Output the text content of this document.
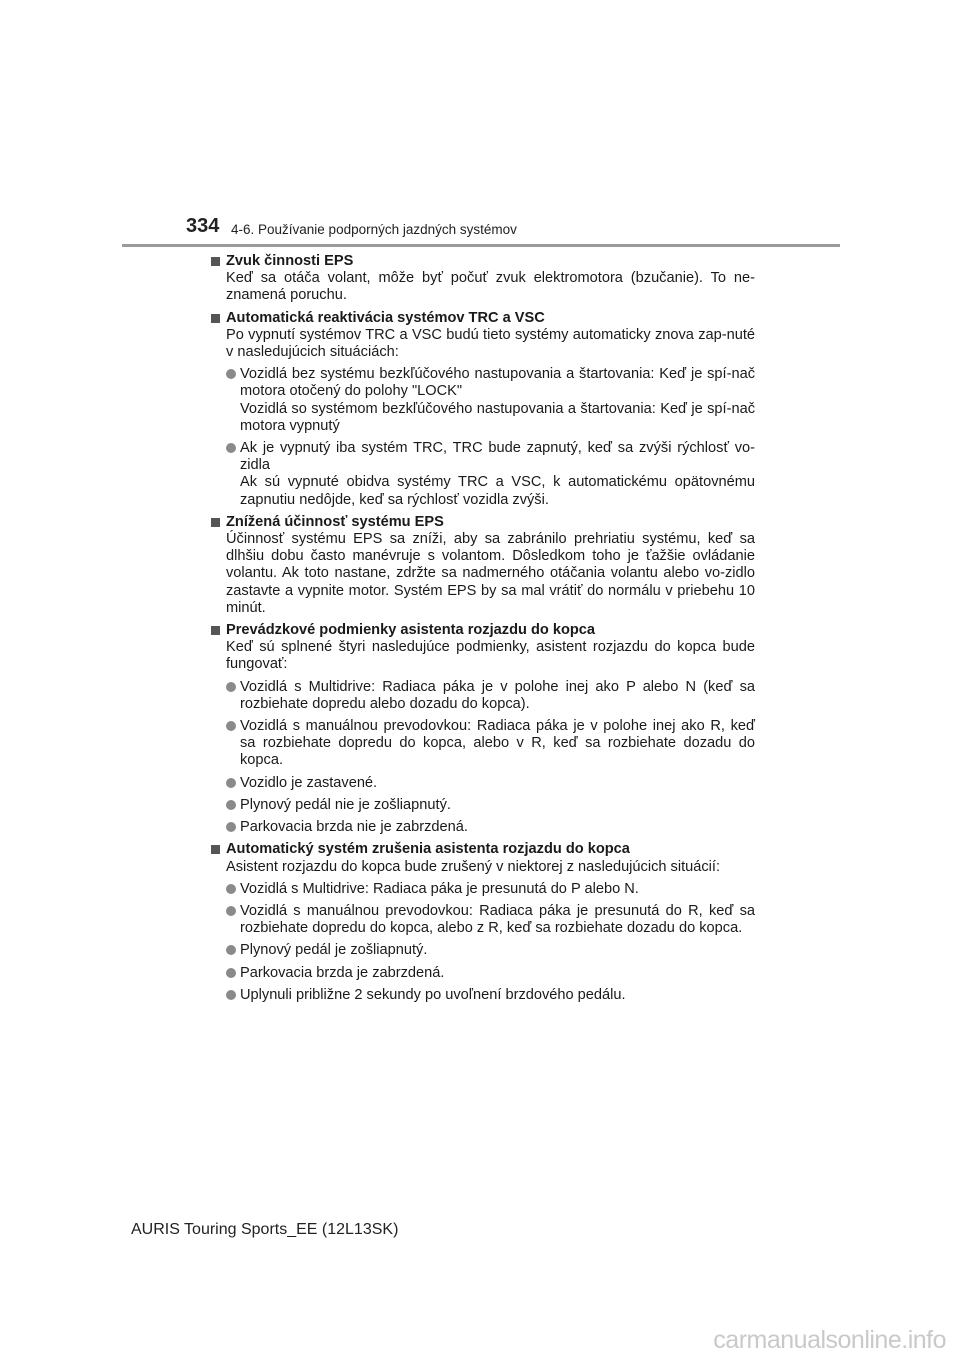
334 4-6. Používanie podporných jazdných systémov
Zvuk činnosti EPS
Keď sa otáča volant, môže byť počuť zvuk elektromotora (bzučanie). To ne-znamená poruchu.
Automatická reaktivácia systémov TRC a VSC
Po vypnutí systémov TRC a VSC budú tieto systémy automaticky znova zap-nuté v nasledujúcich situáciách:

Vozidlá bez systému bezkľúčového nastupovania a štartovania: Keď je spí-nač motora otočený do polohy "LOCK"

Vozidlá so systémom bezkľúčového nastupovania a štartovania: Keď je spí-nač motora vypnutý

Ak je vypnutý iba systém TRC, TRC bude zapnutý, keď sa zvýši rýchlosť vo-zidla

Ak sú vypnuté obidva systémy TRC a VSC, k automatickému opätovnému zapnutiu nedôjde, keď sa rýchlosť vozidla zvýši.

Znížená účinnosť systému EPS
Účinnosť systému EPS sa zníži, aby sa zabránilo prehriatiu systému, keď sa dlhšiu dobu často manévruje s volantom. Dôsledkom toho je ťažšie ovládanie volantu. Ak toto nastane, zdržte sa nadmerného otáčania volantu alebo vo-zidlo zastavte a vypnite motor. Systém EPS by sa mal vrátiť do normálu v priebehu 10 minút.
Prevádzkové podmienky asistenta rozjazdu do kopca
Keď sú splnené štyri nasledujúce podmienky, asistent rozjazdu do kopca bude fungovať:

Vozidlá s Multidrive: Radiaca páka je v polohe inej ako P alebo N (keď sa rozbiehate dopredu alebo dozadu do kopca).

Vozidlá s manuálnou prevodovkou: Radiaca páka je v polohe inej ako R, keď sa rozbiehate dopredu do kopca, alebo v R, keď sa rozbiehate dozadu do kopca.

Vozidlo je zastavené.

Plynový pedál nie je zošliapnutý.

Parkovacia brzda nie je zabrzdená.

Automatický systém zrušenia asistenta rozjazdu do kopca
Asistent rozjazdu do kopca bude zrušený v niektorej z nasledujúcich situácií:

Vozidlá s Multidrive: Radiaca páka je presunutá do P alebo N.

Vozidlá s manuálnou prevodovkou: Radiaca páka je presunutá do R, keď sa rozbiehate dopredu do kopca, alebo z R, keď sa rozbiehate dozadu do kopca.

Plynový pedál je zošliapnutý.

Parkovacia brzda je zabrzdená.

Uplynuli približne 2 sekundy po uvoľnení brzdového pedálu.

AURIS Touring Sports_EE (12L13SK)
carmanualsonline.info
